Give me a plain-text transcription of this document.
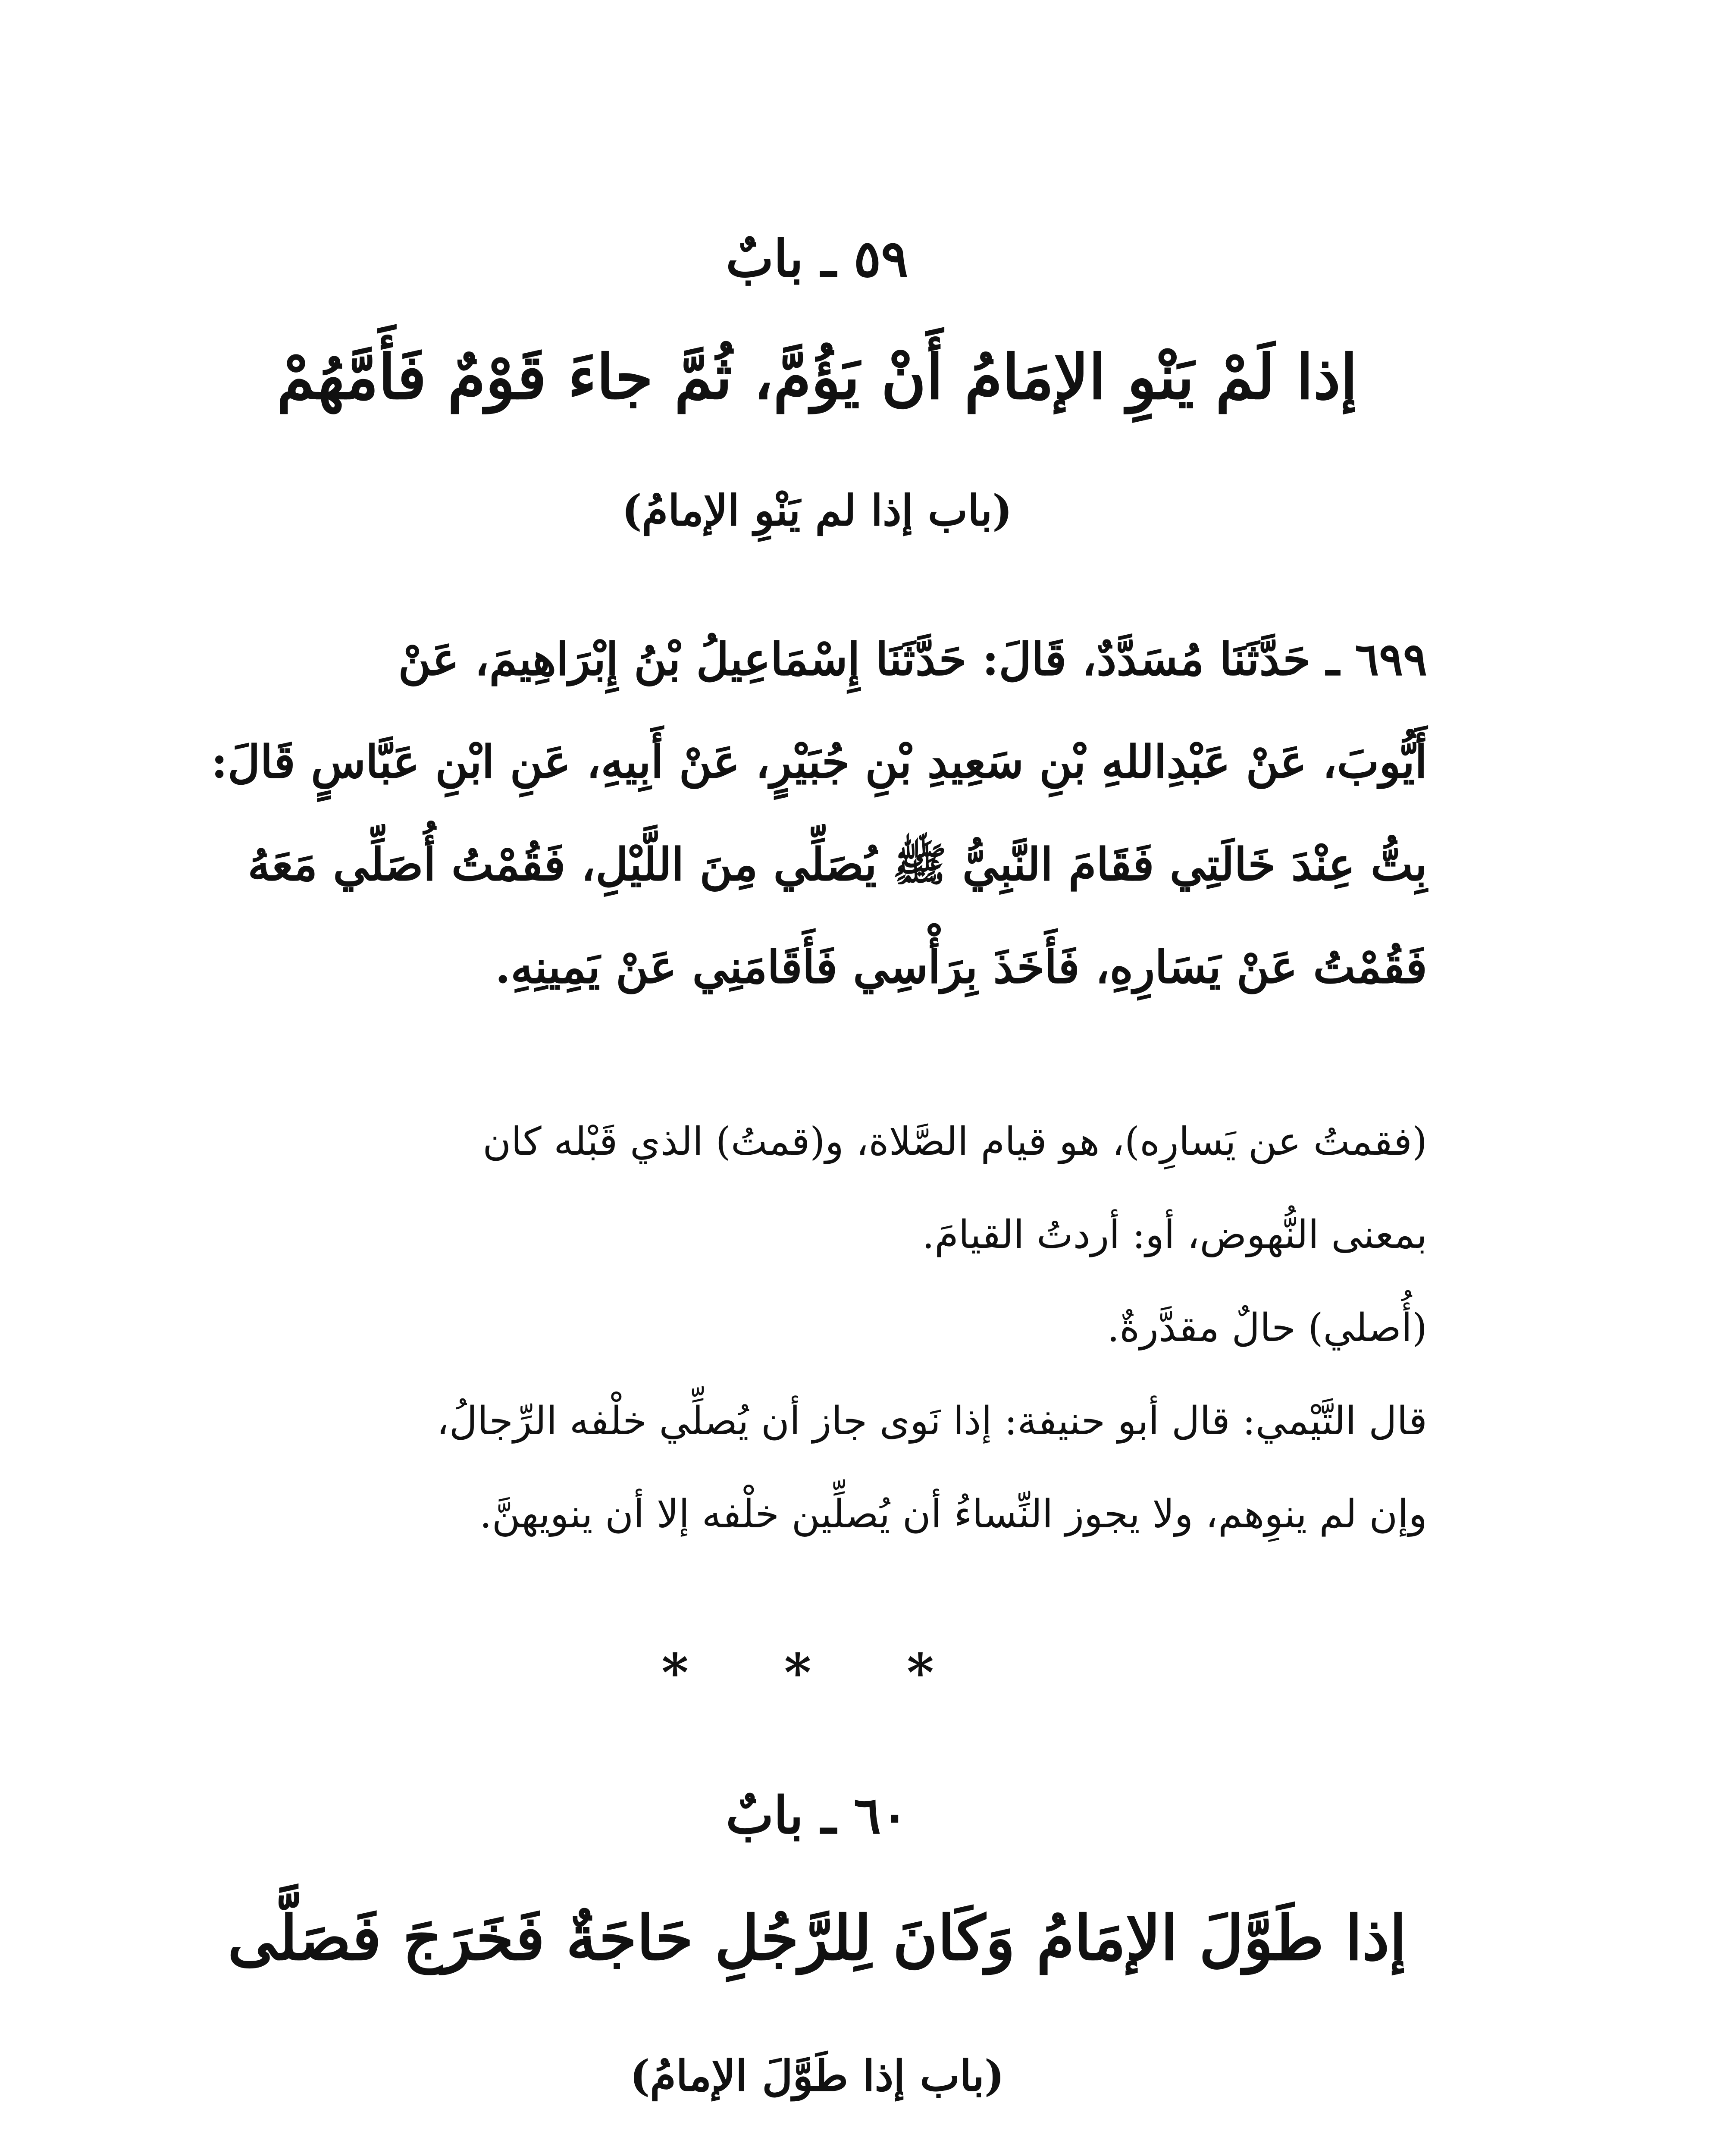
٥٩ ـ بابٌ
إذا لَمْ يَنْوِ الإمَامُ أَنْ يَؤُمَّ، ثُمَّ جاءَ قَوْمٌ فَأَمَّهُمْ
(باب إذا لم يَنْوِ الإمامُ)
٦٩٩ ـ حَدَّثَنَا مُسَدَّدٌ، قَالَ: حَدَّثَنَا إِسْمَاعِيلُ بْنُ إِبْرَاهِيمَ، عَنْ
أَيُّوبَ، عَنْ عَبْدِاللهِ بْنِ سَعِيدِ بْنِ جُبَيْرٍ، عَنْ أَبِيهِ، عَنِ ابْنِ عَبَّاسٍ قَالَ:
بِتُّ عِنْدَ خَالَتِي فَقَامَ النَّبِيُّ ﷺ يُصَلِّي مِنَ اللَّيْلِ، فَقُمْتُ أُصَلِّي مَعَهُ
فَقُمْتُ عَنْ يَسَارِهِ، فَأَخَذَ بِرَأْسِي فَأَقَامَنِي عَنْ يَمِينِهِ.
(فقمتُ عن يَسارِه)، هو قيام الصَّلاة، و(قمتُ) الذي قَبْله كان
بمعنى النُّهوض، أو: أردتُ القيامَ.
(أُصلي) حالٌ مقدَّرةٌ.
قال التَّيْمي: قال أبو حنيفة: إذا نَوى جاز أن يُصلِّي خلْفه الرِّجالُ،
وإن لم ينوِهم، ولا يجوز النِّساءُ أن يُصلِّين خلْفه إلا أن ينويهنَّ.
* * *
٦٠ ـ بابٌ
إذا طَوَّلَ الإمَامُ وَكَانَ لِلرَّجُلِ حَاجَةٌ فَخَرَجَ فَصَلَّى
(باب إذا طَوَّلَ الإمامُ)
